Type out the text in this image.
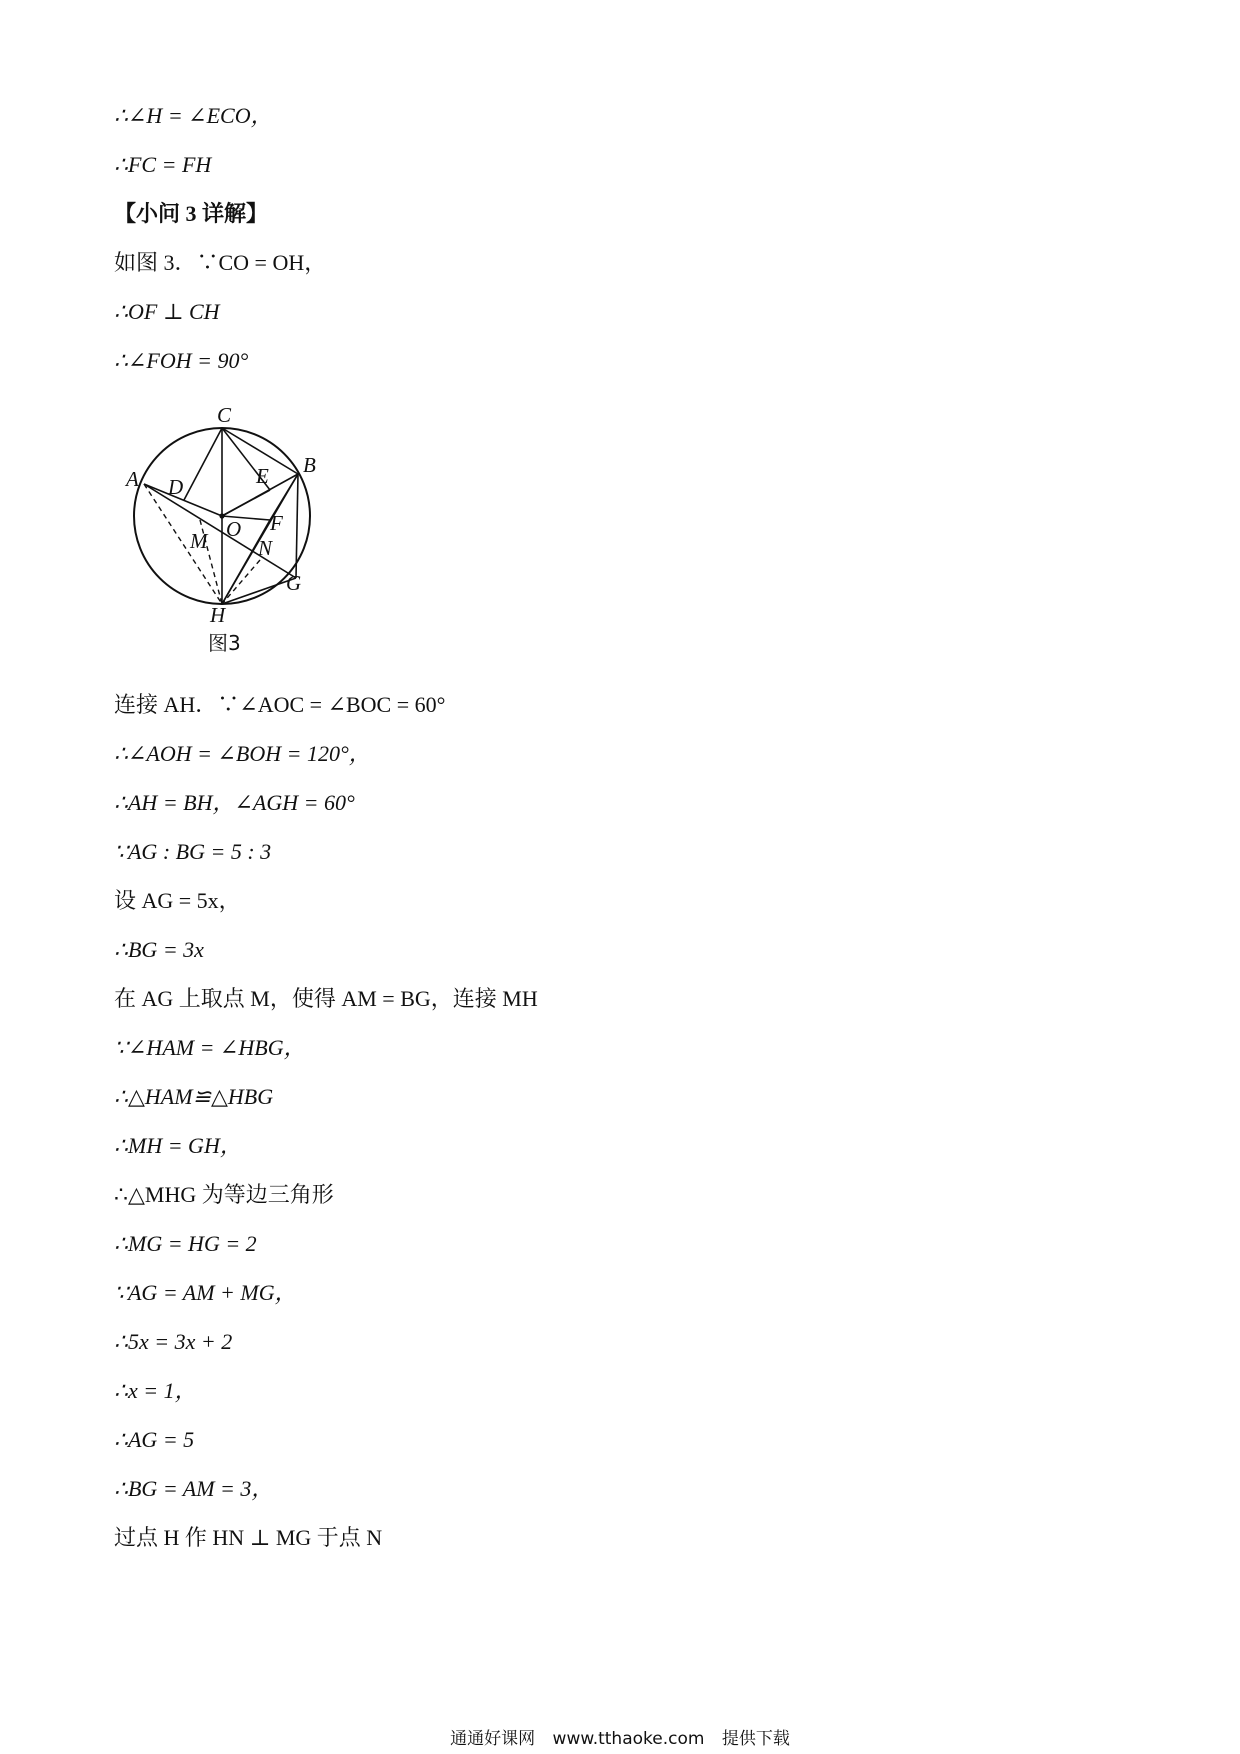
∴∠H = ∠ECO，
∴FC = FH
【小问 3 详解】
如图 3．∵CO = OH，
∴OF ⊥ CH
∴∠FOH = 90°
连接 AH．∵∠AOC = ∠BOC = 60°
∴∠AOH = ∠BOH = 120°，
∴AH = BH，∠AGH = 60°
∵AG : BG = 5 : 3
设 AG = 5x，
∴BG = 3x
在 AG 上取点 M，使得 AM = BG，连接 MH
∵∠HAM = ∠HBG，
∴△HAM≌△HBG
∴MH = GH，
∴△MHG 为等边三角形
∴MG = HG = 2
∵AG = AM + MG，
∴5x = 3x + 2
∴x = 1，
∴AG = 5
∴BG = AM = 3，
过点 H 作 HN ⊥ MG 于点 N
C
B
A D	E
O F
M N
G
H
图3
通通好课网 www.tthaoke.com 提供下载
